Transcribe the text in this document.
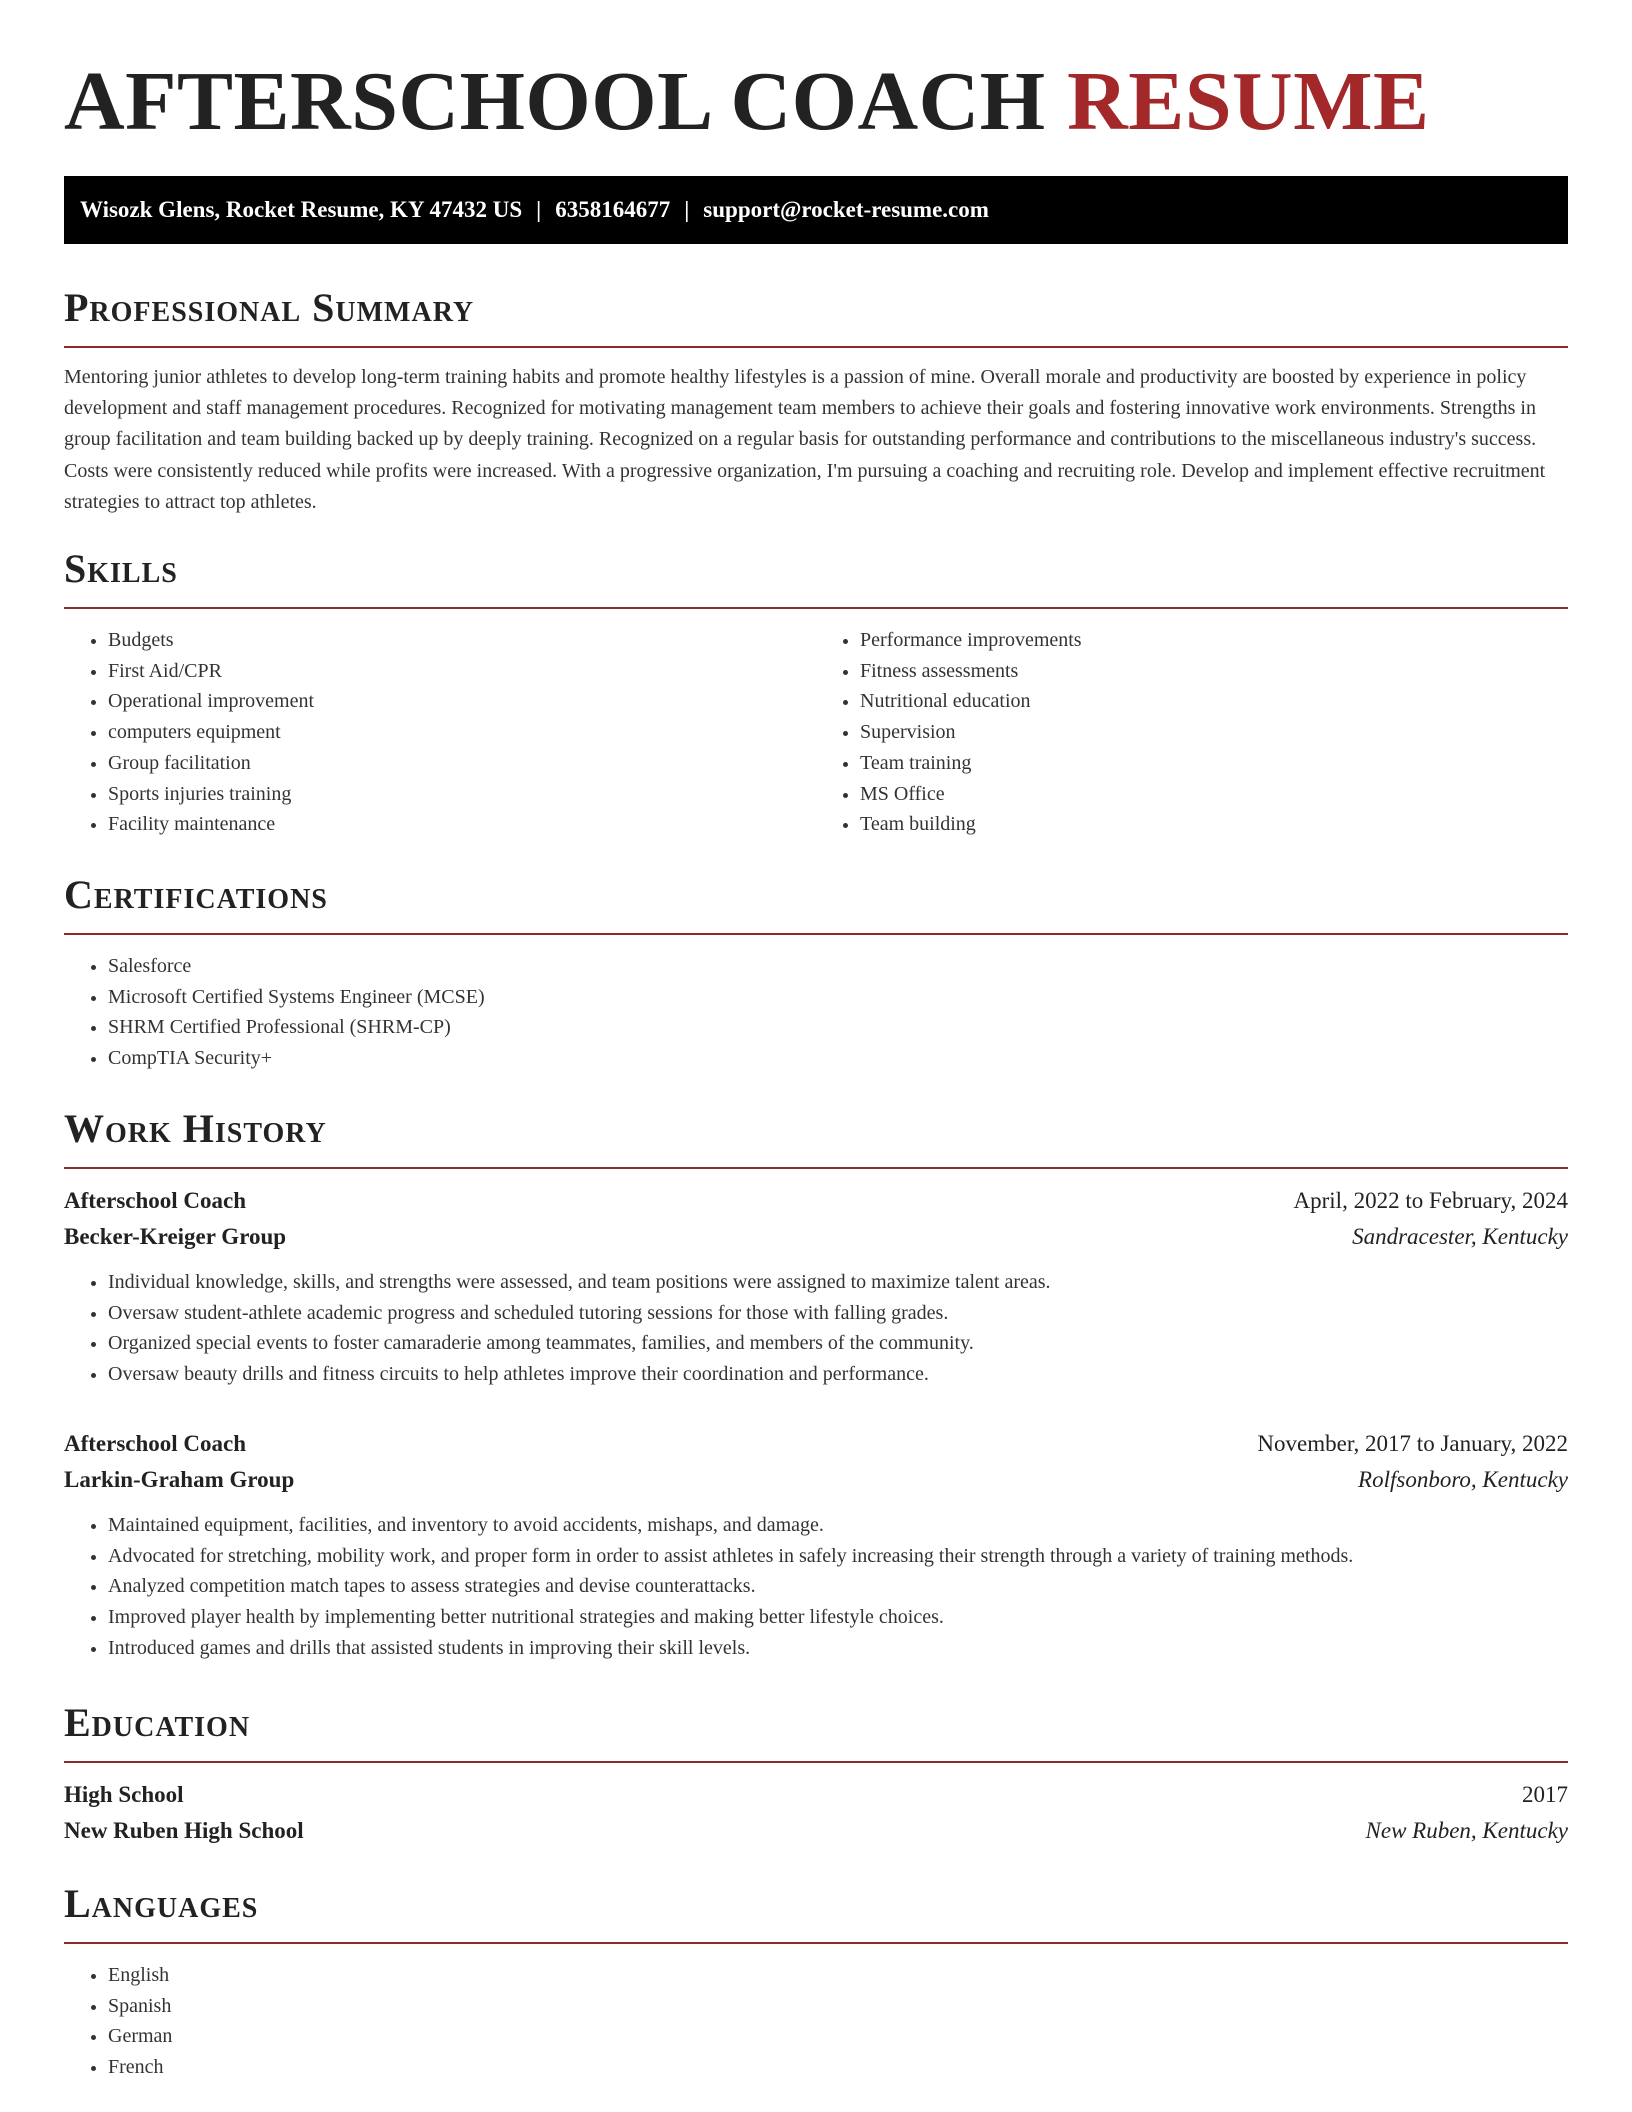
AFTERSCHOOL COACH RESUME
Wisozk Glens, Rocket Resume, KY 47432 US | 6358164677 | support@rocket-resume.com
Professional Summary

Mentoring junior athletes to develop long-term training habits and promote healthy lifestyles is a passion of mine. Overall morale and productivity are boosted by experience in policy development and staff management procedures. Recognized for motivating management team members to achieve their goals and fostering innovative work environments. Strengths in group facilitation and team building backed up by deeply training. Recognized on a regular basis for outstanding performance and contributions to the miscellaneous industry's success. Costs were consistently reduced while profits were increased. With a progressive organization, I'm pursuing a coaching and recruiting role. Develop and implement effective recruitment strategies to attract top athletes.

Skills
• Budgets
• First Aid/CPR
• Operational improvement
• computers equipment
• Group facilitation
• Sports injuries training
• Facility maintenance
• Performance improvements
• Fitness assessments
• Nutritional education
• Supervision
• Team training
• MS Office
• Team building
Certifications
• Salesforce
• Microsoft Certified Systems Engineer (MCSE)
• SHRM Certified Professional (SHRM-CP)
• CompTIA Security+
Work History
Afterschool Coach	April, 2022 to February, 2024
Becker-Kreiger Group	Sandracester, Kentucky
• Individual knowledge, skills, and strengths were assessed, and team positions were assigned to maximize talent areas.
• Oversaw student-athlete academic progress and scheduled tutoring sessions for those with falling grades.
• Organized special events to foster camaraderie among teammates, families, and members of the community.
• Oversaw beauty drills and fitness circuits to help athletes improve their coordination and performance.
Afterschool Coach	November, 2017 to January, 2022
Larkin-Graham Group	Rolfsonboro, Kentucky
• Maintained equipment, facilities, and inventory to avoid accidents, mishaps, and damage.
• Advocated for stretching, mobility work, and proper form in order to assist athletes in safely increasing their strength through a variety of training methods.
• Analyzed competition match tapes to assess strategies and devise counterattacks.
• Improved player health by implementing better nutritional strategies and making better lifestyle choices.
• Introduced games and drills that assisted students in improving their skill levels.
Education
High School	2017
New Ruben High School	New Ruben, Kentucky
Languages
• English
• Spanish
• German
• French
